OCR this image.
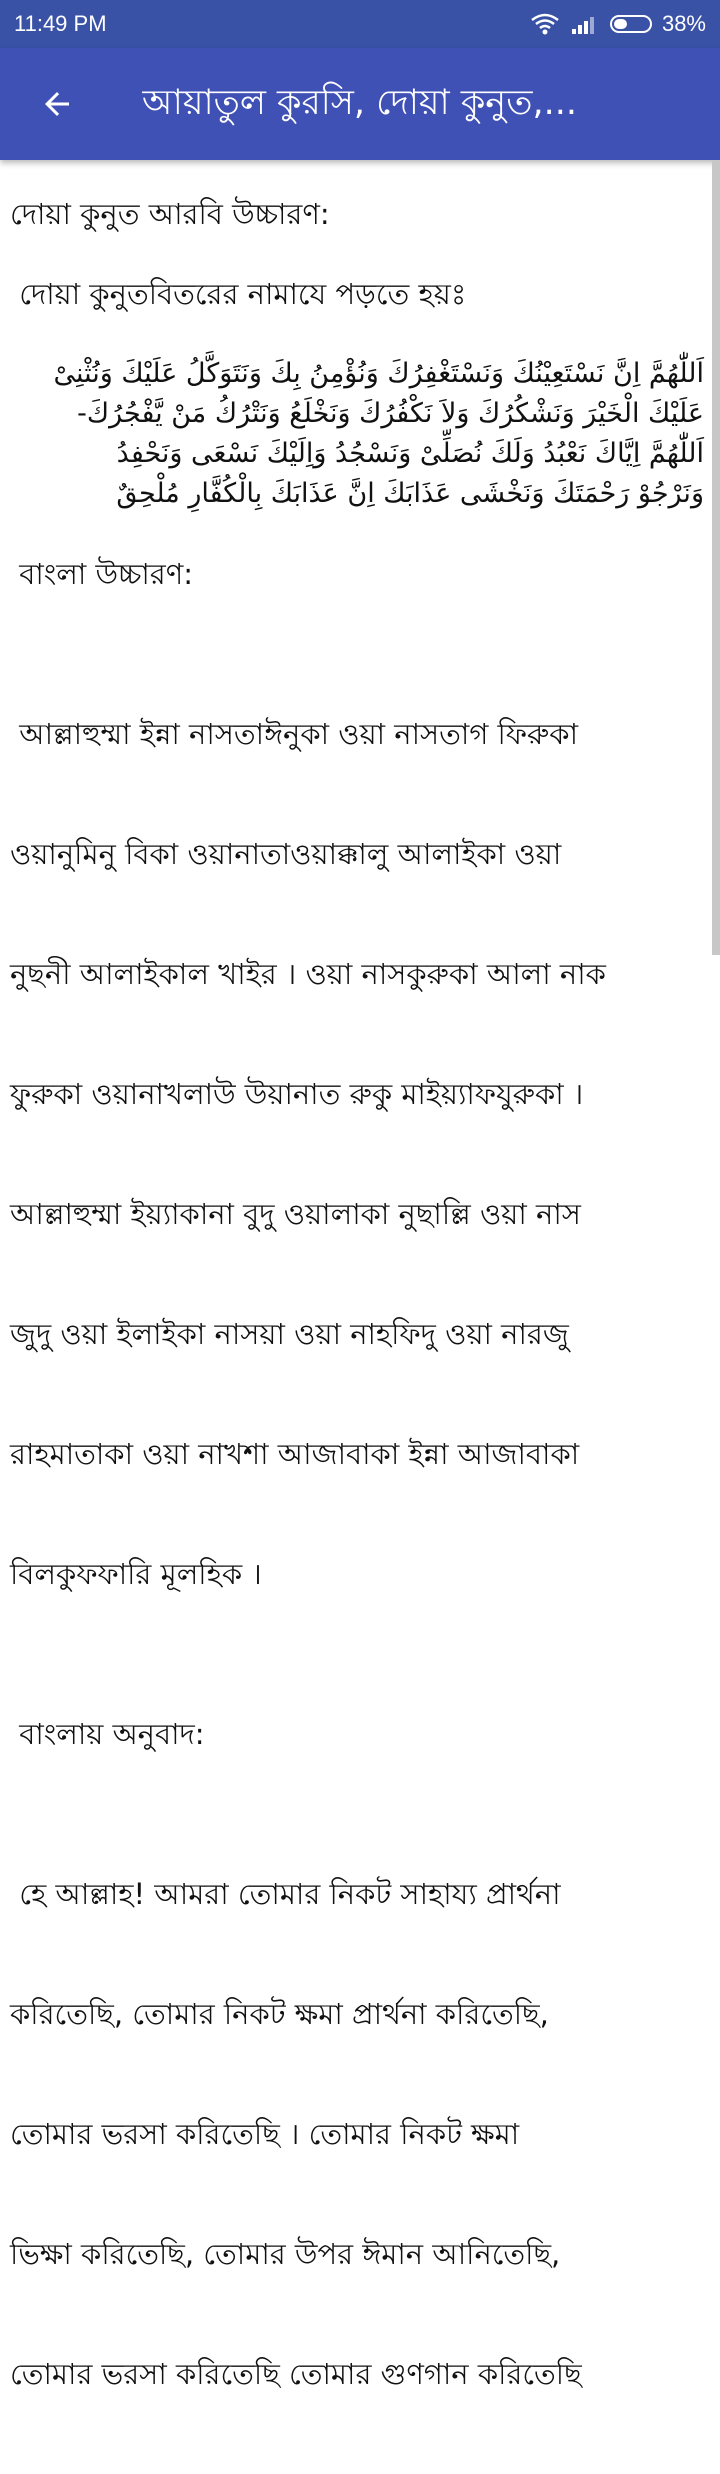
11:49 PM	38%
আয়াতুল কুরসি, দোয়া কুনুত,...

দোয়া কুনুত আরবি উচ্চারণ:

দোয়া কুনুতবিতরের নামাযে পড়তে হয়ঃ

اَللّٰهُمَّ اِنَّ نَسْتَعِيْنُكَ وَنَسْتَغْفِرُكَ وَنُؤْمِنُ بِكَ وَنَتَوَكَّلُ عَلَيْكَ وَنُثْنِىْ
عَلَيْكَ الْخَيْرَ وَنَشْكُرُكَ وَلاَ نَكْفُرُكَ وَنَخْلَعُ وَنَتْرُكُ مَنْ يَّفْجُرُكَ-
اَللّٰهُمَّ اِيَّاكَ نَعْبُدُ وَلَكَ نُصَلِّىْ وَنَسْجُدُ وَاِلَيْكَ نَسْعَى وَنَحْفِدُ
وَنَرْجُوْ رَحْمَتَكَ وَنَخْشَى عَذَابَكَ اِنَّ عَذَابَكَ بِالْكُفَّارِ مُلْحِقٌ

বাংলা উচ্চারণ:

আল্লাহুম্মা ইন্না নাসতাঈনুকা ওয়া নাসতাগ ফিরুকা

ওয়ানুমিনু বিকা ওয়ানাতাওয়াক্কালু আলাইকা ওয়া

নুছনী আলাইকাল খাইর । ওয়া নাসকুরুকা আলা নাক

ফুরুকা ওয়ানাখলাউ উয়ানাত রুকু মাইয়্যাফযুরুকা ।

আল্লাহুম্মা ইয়্যাকানা বুদু ওয়ালাকা নুছাল্লি ওয়া নাস

জুদু ওয়া ইলাইকা নাসয়া ওয়া নাহফিদু ওয়া নারজু

রাহমাতাকা ওয়া নাখশা আজাবাকা ইন্না আজাবাকা

বিলকুফফারি মূলহিক ।

বাংলায় অনুবাদ:

হে আল্লাহ! আমরা তোমার নিকট সাহায্য প্রার্থনা

করিতেছি, তোমার নিকট ক্ষমা প্রার্থনা করিতেছি,

তোমার ভরসা করিতেছি । তোমার নিকট ক্ষমা

ভিক্ষা করিতেছি, তোমার উপর ঈমান আনিতেছি,

তোমার ভরসা করিতেছি তোমার গুণগান করিতেছি
